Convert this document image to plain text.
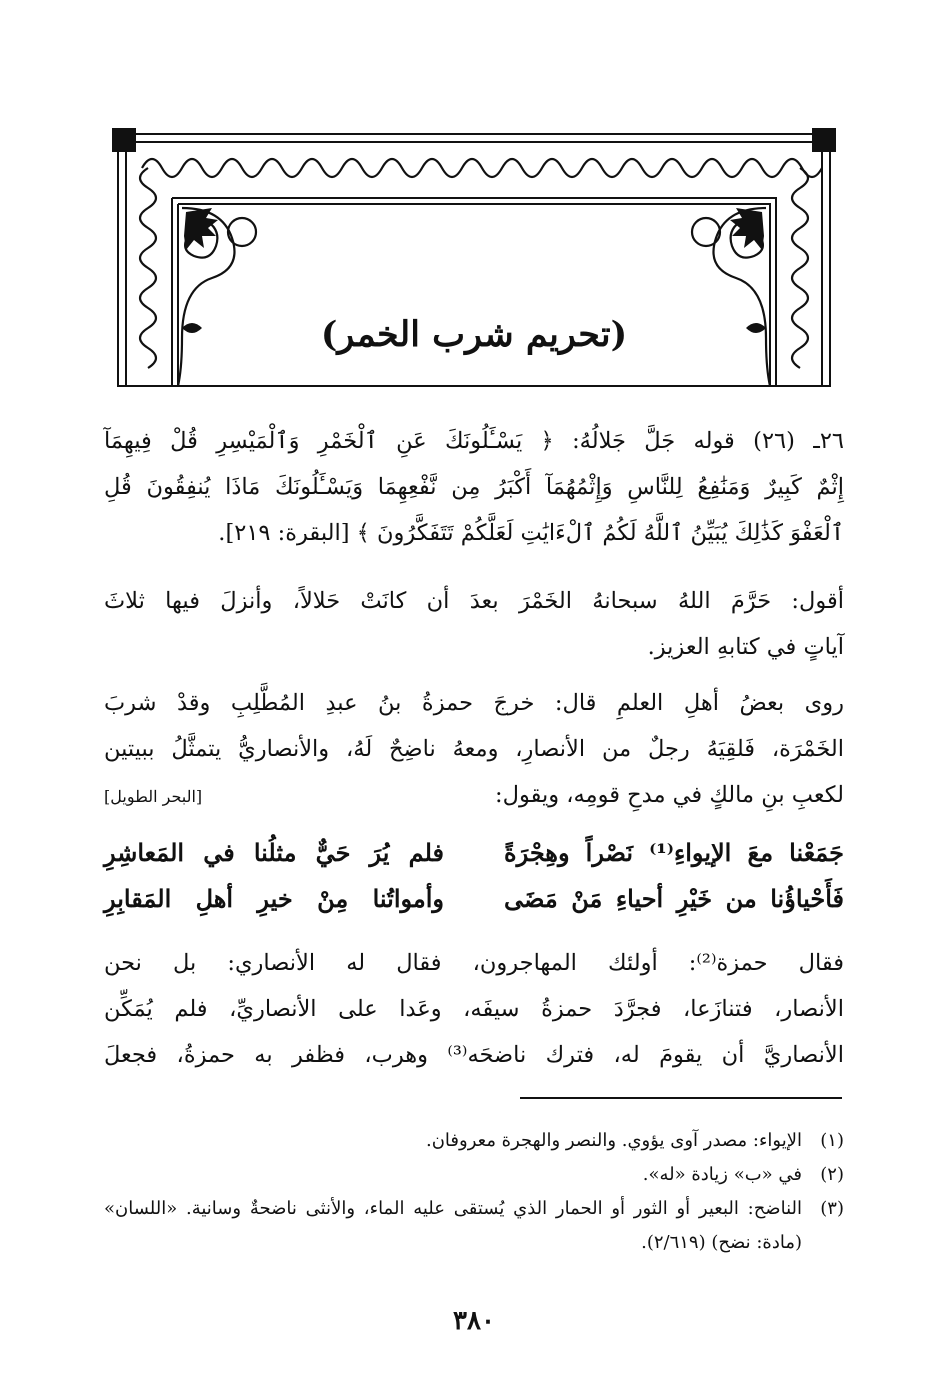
(تحريم شرب الخمر)
٢٦ـ (٢٦) قوله جَلَّ جَلالُهُ: ﴿ يَسْـَٔلُونَكَ عَنِ ٱلْخَمْرِ وَٱلْمَيْسِرِ قُلْ فِيهِمَآ
إِثْمٌ كَبِيرٌ وَمَنَٰفِعُ لِلنَّاسِ وَإِثْمُهُمَآ أَكْبَرُ مِن نَّفْعِهِمَا وَيَسْـَٔلُونَكَ مَاذَا يُنفِقُونَ قُلِ
ٱلْعَفْوَ كَذَٰلِكَ يُبَيِّنُ ٱللَّهُ لَكُمُ ٱلْءَايَٰتِ لَعَلَّكُمْ تَتَفَكَّرُونَ ﴾ [البقرة: ٢١٩].
أقول: حَرَّمَ اللهُ سبحانهُ الخَمْرَ بعدَ أن كانَتْ حَلالاً، وأنزلَ فيها ثلاثَ
آياتٍ في كتابهِ العزيز.
روى بعضُ أهلِ العلمِ قال: خرجَ حمزةُ بنُ عبدِ المُطَّلِبِ وقدْ شربَ
الخَمْرَة، فَلقِيَهُ رجلٌ من الأنصارِ، ومعهُ ناضِحٌ لَهُ، والأنصاريُّ يتمثَّلُ ببيتين
لكعبِ بنِ مالكٍ في مدحِ قومِه، ويقول:
[البحر الطويل]
جَمَعْنا معَ الإيواءِ⁽¹⁾ نَصْراً وهِجْرَةً
فلم يُرَ حَيٌّ مثلُنا في المَعاشِرِ
فَأَحْياؤُنا من خَيْرِ أحياءِ مَنْ مَضَى
وأمواتُنا مِنْ خيرِ أهلِ المَقابِرِ
فقال حمزة⁽²⁾: أولئك المهاجرون، فقال له الأنصاري: بل نحن
الأنصار، فتنازَعا، فجرَّدَ حمزةُ سيفَه، وعَدا على الأنصاريِّ، فلم يُمَكِّن
الأنصاريَّ أن يقومَ له، فترك ناضحَه⁽³⁾ وهرب، فظفر به حمزةُ، فجعلَ
(١)
الإيواء: مصدر آوى يؤوي. والنصر والهجرة معروفان.
(٢)
في «ب» زيادة «له».
(٣)
الناضح: البعير أو الثور أو الحمار الذي يُستقى عليه الماء، والأنثى ناضحةٌ وسانية. «اللسان» (مادة: نضح) (٢/٦١٩).
٣٨٠
